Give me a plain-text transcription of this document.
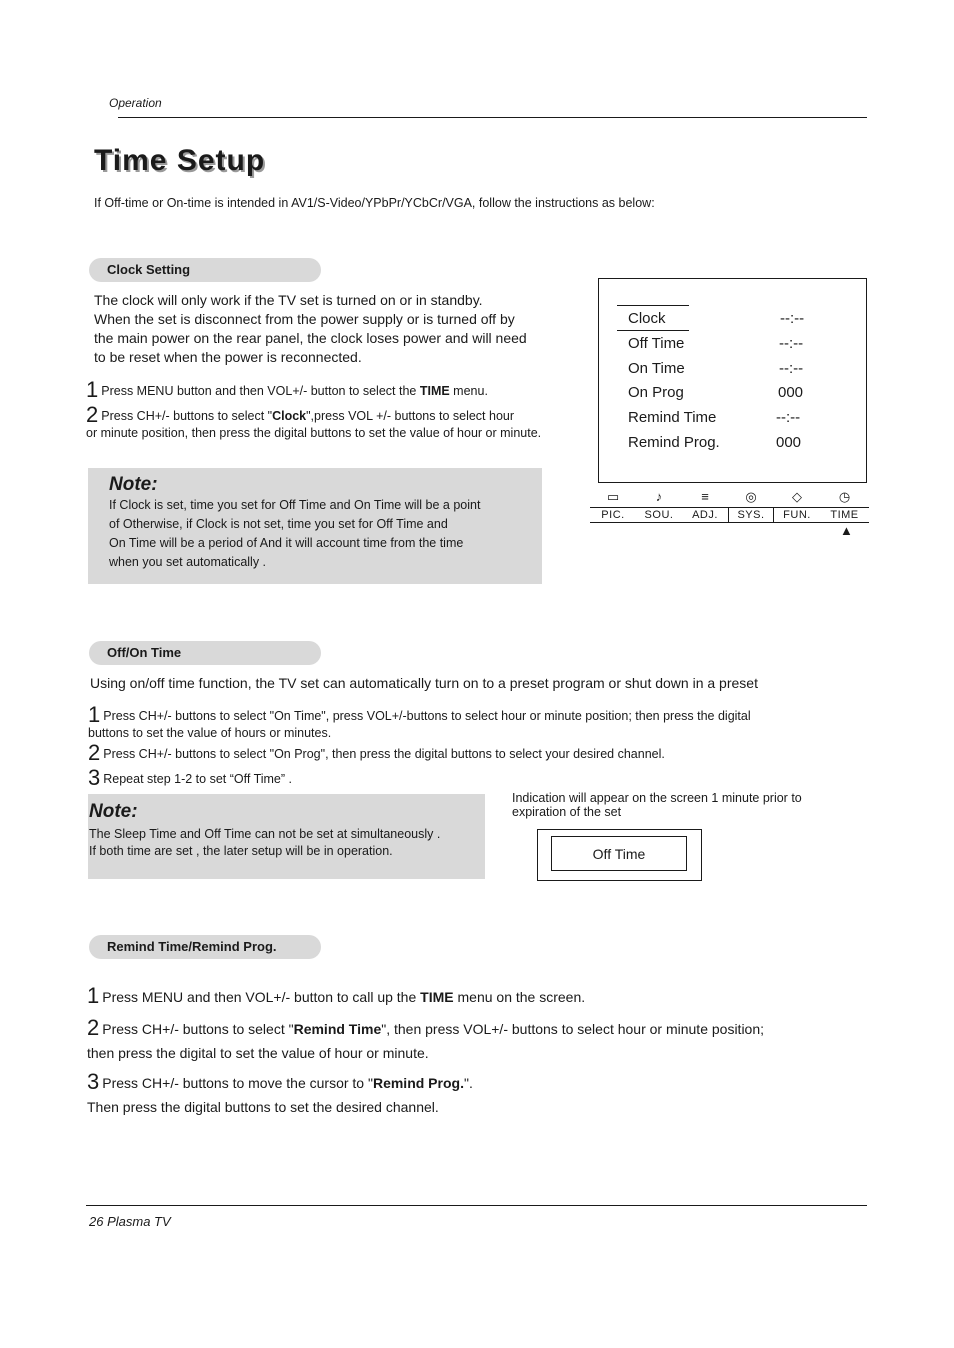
Operation
Time Setup
If Off-time or On-time is intended in AV1/S-Video/YPbPr/YCbCr/VGA, follow the instructions as below:
Clock Setting
The clock will only work if the TV set is turned on or in standby.
When the set is disconnect from the power supply or is turned off by
the main power on the rear panel, the clock loses power and will need
to be reset when the power is reconnected.
1 Press MENU button and then VOL+/- button to select the TIME menu.
2 Press CH+/- buttons to select "Clock",press VOL +/- buttons to select hour
or minute position, then press the digital buttons to set the value of hour or minute.
Note:
If Clock is set, time you set for Off Time and On Time will be a point
of Otherwise, if Clock is not set, time you set for Off Time and
On Time will be a period of And it will account time from the time
when you set automatically .
Clock	--:--
Off Time	--:--
On Time	--:--
On Prog	000
Remind Time	--:--
Remind Prog.	000
▭
PIC.
♪
SOU.
≡
ADJ.
◎
SYS.
◇
FUN.
◷
TIME
▲
Off/On Time
Using on/off time function, the TV set can automatically turn on to a preset program or shut down in a preset
1 Press CH+/- buttons to select "On Time", press VOL+/-buttons to select hour or minute position; then press the digital
buttons to set the value of hours or minutes.
2 Press CH+/- buttons to select "On Prog", then press the digital buttons to select your desired channel.
3 Repeat step 1-2 to set “Off Time” .
Note:
The Sleep Time and Off Time can not be set at simultaneously .
If both time are set , the later setup will be in operation.
Indication will appear on the screen 1 minute prior to
expiration of the set
Off Time
Remind Time/Remind Prog.
1 Press MENU and then VOL+/- button to call up the TIME menu on the screen.
2 Press CH+/- buttons to select "Remind Time", then press VOL+/- buttons to select hour or minute position;
then press the digital to set the value of hour or minute.
3 Press CH+/- buttons to move the cursor to "Remind Prog.".
Then press the digital buttons to set the desired channel.
26 Plasma TV
